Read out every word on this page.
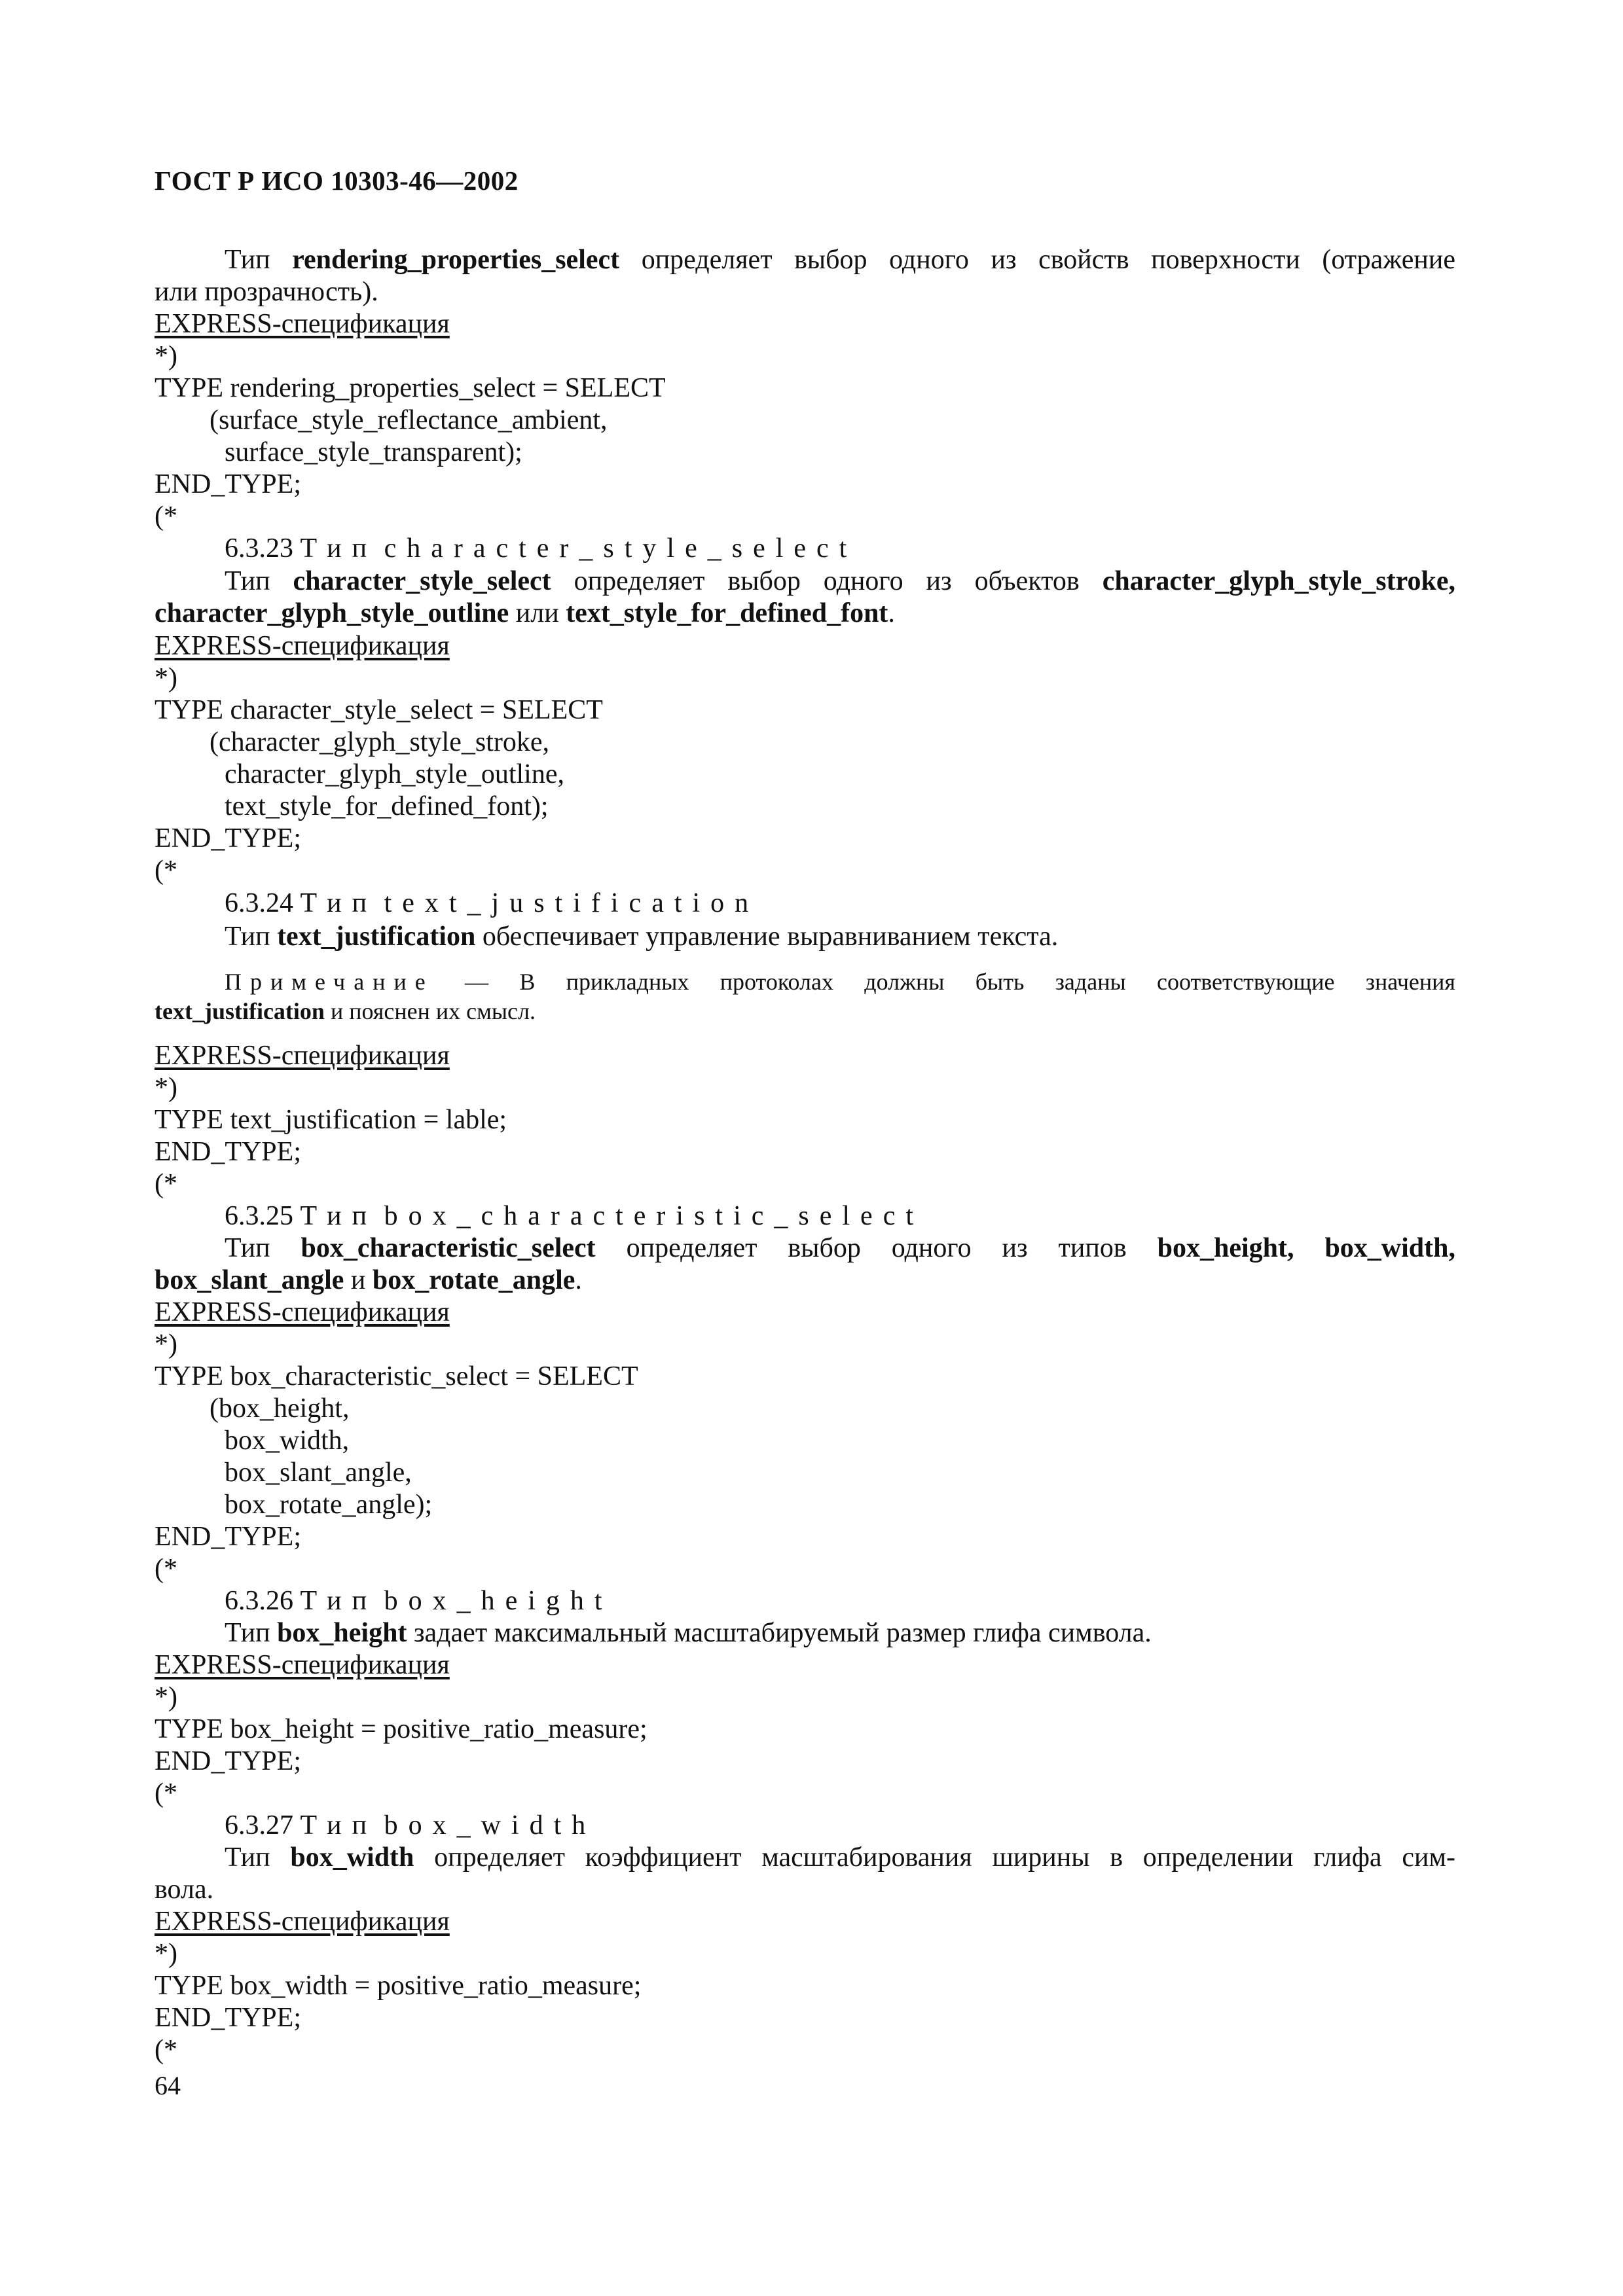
ГОСТ Р ИСО 10303-46—2002
Тип rendering_properties_select определяет выбор одного из свойств поверхности (отражение
или прозрачность).
EXPRESS-спецификация
*)
TYPE rendering_properties_select = SELECT
(surface_style_reflectance_ambient,
surface_style_transparent);
END_TYPE;
(*
6.3.23 Тип character_style_select
Тип character_style_select определяет выбор одного из объектов character_glyph_style_stroke,
character_glyph_style_outline или text_style_for_defined_font.
EXPRESS-спецификация
*)
TYPE character_style_select = SELECT
(character_glyph_style_stroke,
character_glyph_style_outline,
text_style_for_defined_font);
END_TYPE;
(*
6.3.24 Тип text_justification
Тип text_justification обеспечивает управление выравниванием текста.
Примечание — В прикладных протоколах должны быть заданы соответствующие значения
text_justification и пояснен их смысл.
EXPRESS-спецификация
*)
TYPE text_justification = lable;
END_TYPE;
(*
6.3.25 Тип box_characteristic_select
Тип box_characteristic_select определяет выбор одного из типов box_height, box_width,
box_slant_angle и box_rotate_angle.
EXPRESS-спецификация
*)
TYPE box_characteristic_select = SELECT
(box_height,
box_width,
box_slant_angle,
box_rotate_angle);
END_TYPE;
(*
6.3.26 Тип box_height
Тип box_height задает максимальный масштабируемый размер глифа символа.
EXPRESS-спецификация
*)
TYPE box_height = positive_ratio_measure;
END_TYPE;
(*
6.3.27 Тип box_width
Тип box_width определяет коэффициент масштабирования ширины в определении глифа сим-
вола.
EXPRESS-спецификация
*)
TYPE box_width = positive_ratio_measure;
END_TYPE;
(*
64
